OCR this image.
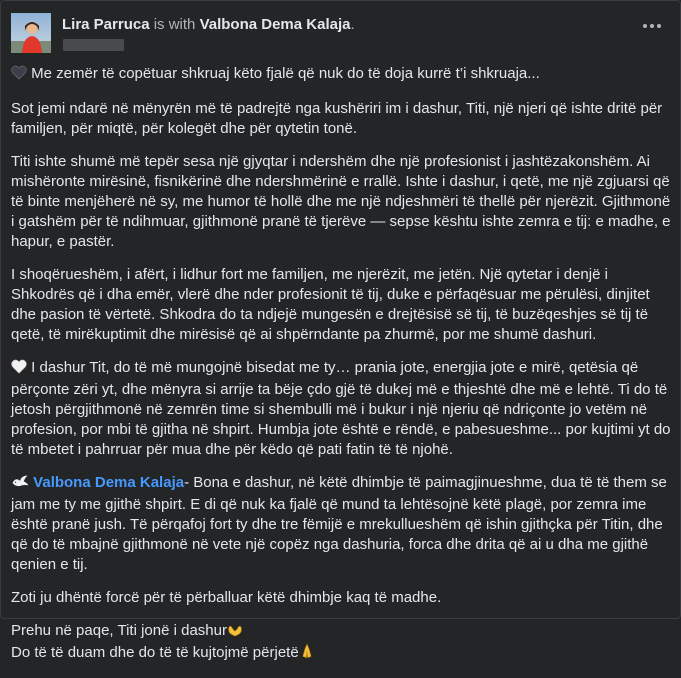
Lira Parruca is with Valbona Dema Kalaja.

Me zemër të copëtuar shkruaj këto fjalë që nuk do të doja kurrë t’i shkruaja...

Sot jemi ndarë në mënyrën më të padrejtë nga kushëriri im i dashur, Titi, një njeri që ishte dritë për familjen, për miqtë, për kolegët dhe për qytetin tonë.

Titi ishte shumë më tepër sesa një gjyqtar i ndershëm dhe një profesionist i jashtëzakonshëm. Ai mishëronte mirësinë, fisnikërinë dhe ndershmërinë e rrallë. Ishte i dashur, i qetë, me një zgjuarsi që të binte menjëherë në sy, me humor të hollë dhe me një ndjeshmëri të thellë për njerëzit. Gjithmonë i gatshëm për të ndihmuar, gjithmonë pranë të tjerëve — sepse kështu ishte zemra e tij: e madhe, e hapur, e pastër.

I shoqërueshëm, i afërt, i lidhur fort me familjen, me njerëzit, me jetën. Një qytetar i denjë i Shkodrës që i dha emër, vlerë dhe nder profesionit të tij, duke e përfaqësuar me përulësi, dinjitet dhe pasion të vërtetë. Shkodra do ta ndjejë mungesën e drejtësisë së tij, të buzëqeshjes së tij të qetë, të mirëkuptimit dhe mirësisë që ai shpërndante pa zhurmë, por me shumë dashuri.

I dashur Tit, do të më mungojnë bisedat me ty… prania jote, energjia jote e mirë, qetësia që përçonte zëri yt, dhe mënyra si arrije ta bëje çdo gjë të dukej më e thjeshtë dhe më e lehtë. Ti do të jetosh përgjithmonë në zemrën time si shembulli më i bukur i një njeriu që ndriçonte jo vetëm në profesion, por mbi të gjitha në shpirt. Humbja jote është e rëndë, e pabesueshme... por kujtimi yt do të mbetet i pahrruar për mua dhe për këdo që pati fatin të të njohë.

Valbona Dema Kalaja- Bona e dashur, në këtë dhimbje të paimagjinueshme, dua të të them se jam me ty me gjithë shpirt. E di që nuk ka fjalë që mund ta lehtësojnë këtë plagë, por zemra ime është pranë jush. Të përqafoj fort ty dhe tre fëmijë e mrekullueshëm që ishin gjithçka për Titin, dhe që do të mbajnë gjithmonë në vete një copëz nga dashuria, forca dhe drita që ai u dha me gjithë qenien e tij.

Zoti ju dhëntë forcë për të përballuar këtë dhimbje kaq të madhe.

Prehu në paqe, Titi jonë i dashur
Do të të duam dhe do të të kujtojmë përjetë
